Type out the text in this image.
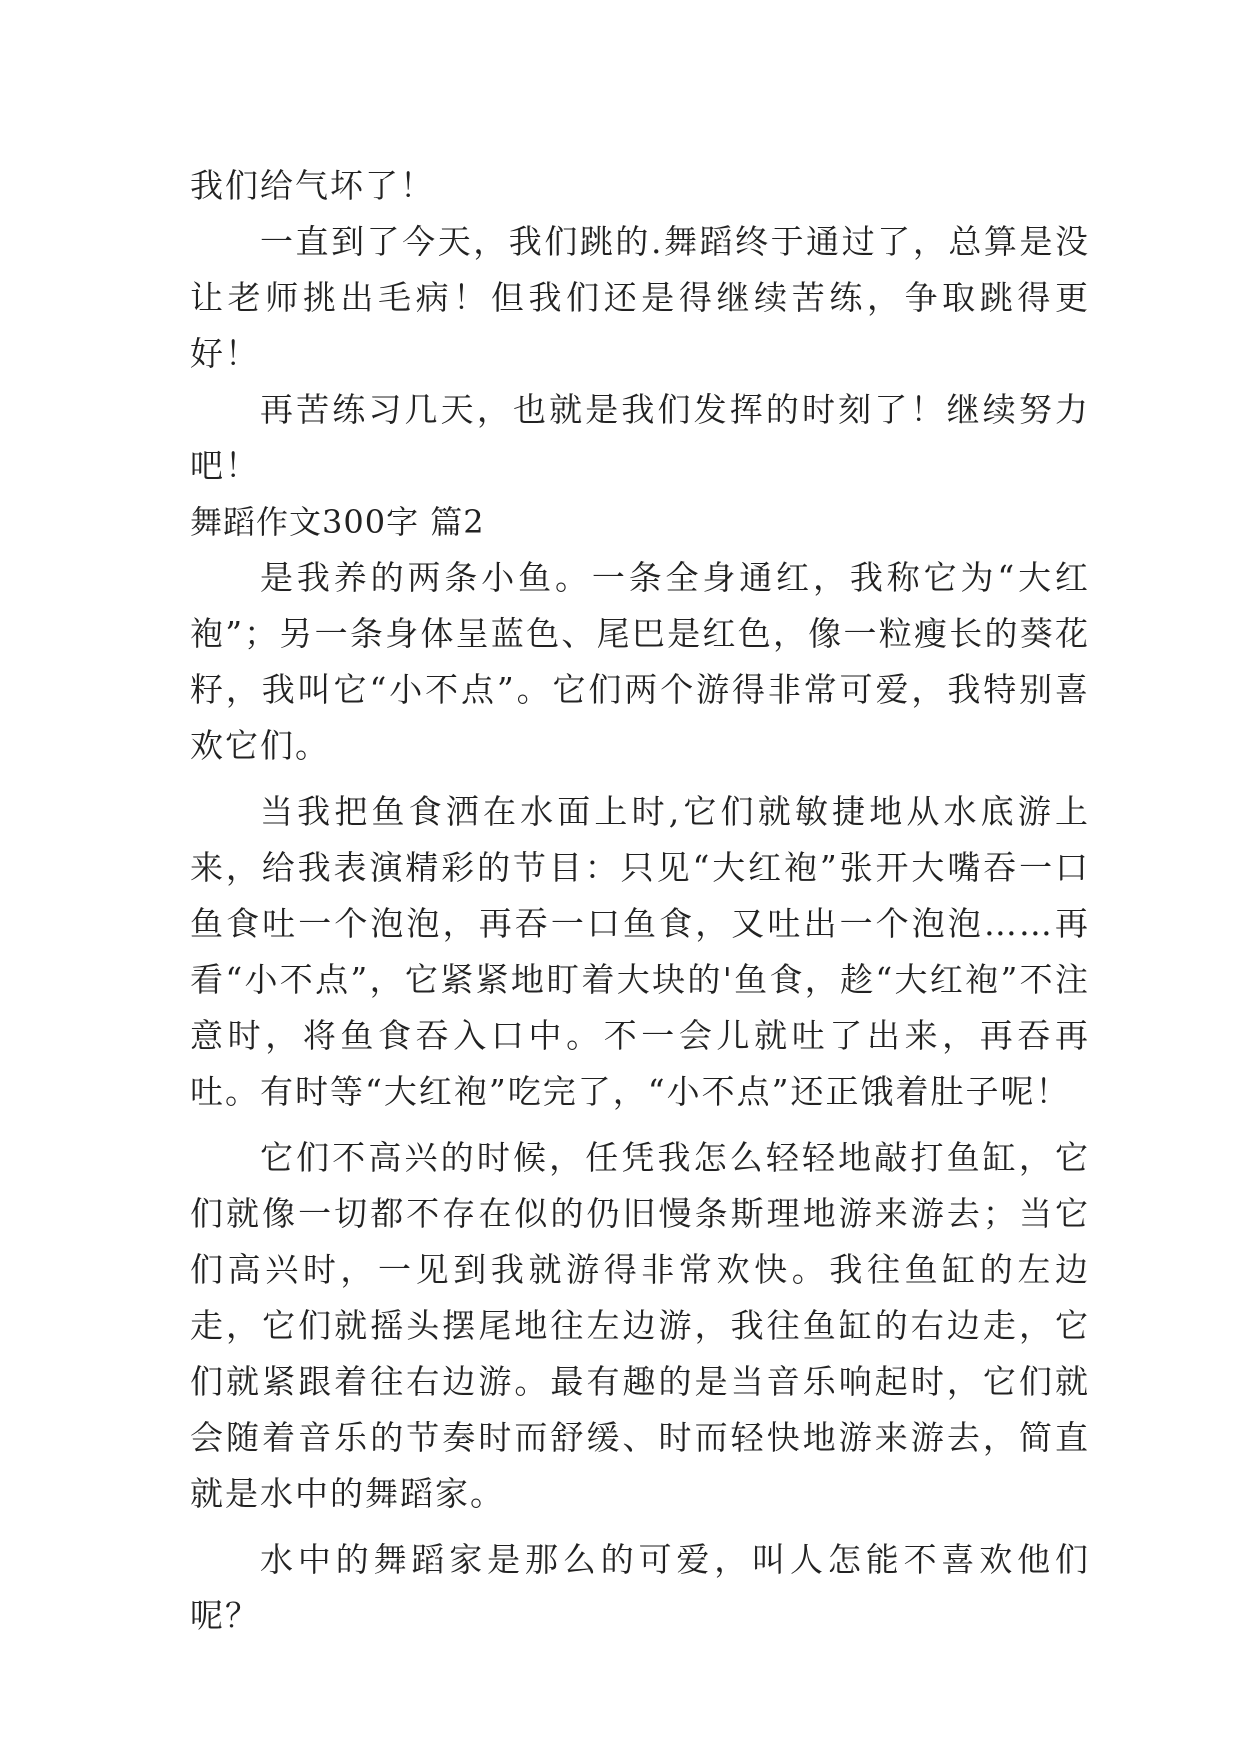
我们给气坏了！

一直到了今天，我们跳的.舞蹈终于通过了，总算是没让老师挑出毛病！但我们还是得继续苦练，争取跳得更好！

再苦练习几天，也就是我们发挥的时刻了！继续努力吧！

舞蹈作文300字 篇2

是我养的两条小鱼。一条全身通红，我称它为“大红袍”；另一条身体呈蓝色、尾巴是红色，像一粒瘦长的葵花籽，我叫它“小不点”。它们两个游得非常可爱，我特别喜欢它们。

当我把鱼食洒在水面上时,它们就敏捷地从水底游上来，给我表演精彩的节目：只见“大红袍”张开大嘴吞一口鱼食吐一个泡泡，再吞一口鱼食，又吐出一个泡泡……再看“小不点”，它紧紧地盯着大块的'鱼食，趁“大红袍”不注意时，将鱼食吞入口中。不一会儿就吐了出来，再吞再吐。有时等“大红袍”吃完了，“小不点”还正饿着肚子呢！

它们不高兴的时候，任凭我怎么轻轻地敲打鱼缸，它们就像一切都不存在似的仍旧慢条斯理地游来游去；当它们高兴时，一见到我就游得非常欢快。我往鱼缸的左边走，它们就摇头摆尾地往左边游，我往鱼缸的右边走，它们就紧跟着往右边游。最有趣的是当音乐响起时，它们就会随着音乐的节奏时而舒缓、时而轻快地游来游去，简直就是水中的舞蹈家。

水中的舞蹈家是那么的可爱，叫人怎能不喜欢他们呢？
